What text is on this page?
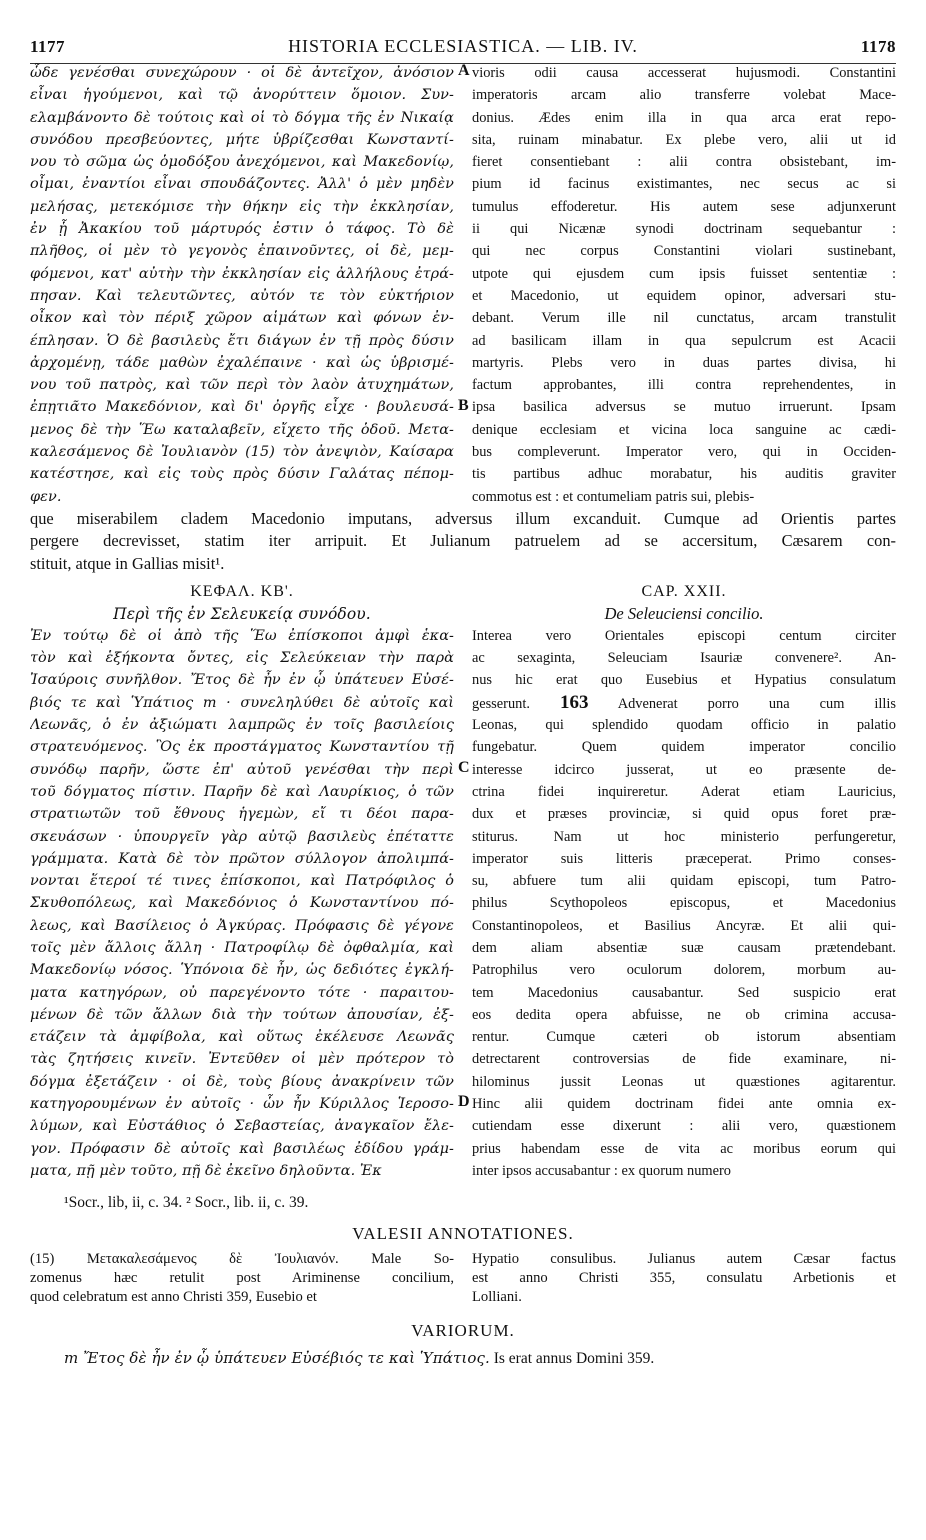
1177	HISTORIA ECCLESIASTICA. — LIB. IV.	1178
ὧδε γενέσθαι συνεχώρουν · οἱ δὲ ἀντεῖχον, ἀνόσιον
εἶναι ἡγούμενοι, καὶ τῷ ἀνορύττειν ὅμοιον. Συν-
ελαμβάνοντο δὲ τούτοις καὶ οἱ τὸ δόγμα τῆς ἐν Νικαίᾳ
συνόδου πρεσβεύοντες, μήτε ὑβρίζεσθαι Κωνσταντί-
νου τὸ σῶμα ὡς ὁμοδόξου ἀνεχόμενοι, καὶ Μακεδονίῳ,
οἶμαι, ἐναντίοι εἶναι σπουδάζοντες. Ἀλλ' ὁ μὲν μηδὲν
μελήσας, μετεκόμισε τὴν θήκην εἰς τὴν ἐκκλησίαν,
ἐν ᾗ Ἀκακίου τοῦ μάρτυρός ἐστιν ὁ τάφος. Τὸ δὲ
πλῆθος, οἱ μὲν τὸ γεγονὸς ἐπαινοῦντες, οἱ δὲ, μεμ-
φόμενοι, κατ' αὐτὴν τὴν ἐκκλησίαν εἰς ἀλλήλους ἐτρά-
πησαν. Καὶ τελευτῶντες, αὐτόν τε τὸν εὐκτήριον
οἶκον καὶ τὸν πέριξ χῶρον αἱμάτων καὶ φόνων ἐν-
έπλησαν. Ὁ δὲ βασιλεὺς ἔτι διάγων ἐν τῇ πρὸς δύσιν
ἀρχομένῃ, τάδε μαθὼν ἐχαλέπαινε · καὶ ὡς ὑβρισμέ-
νου τοῦ πατρὸς, καὶ τῶν περὶ τὸν λαὸν ἀτυχημάτων,
ἐπῃτιᾶτο Μακεδόνιον, καὶ δι' ὀργῆς εἶχε · βουλευσά-
μενος δὲ τὴν Ἕω καταλαβεῖν, εἴχετο τῆς ὁδοῦ. Μετα-
καλεσάμενος δὲ Ἰουλιανὸν (15) τὸν ἀνεψιὸν, Καίσαρα
κατέστησε, καὶ εἰς τοὺς πρὸς δύσιν Γαλάτας πέπομ-
φεν.
vioris odii causa accesserat hujusmodi. Constantini
A
imperatoris arcam alio transferre volebat Mace-
donius. Ædes enim illa in qua arca erat repo-
sita, ruinam minabatur. Ex plebe vero, alii ut id
fieret consentiebant : alii contra obsistebant, im-
pium id facinus existimantes, nec secus ac si
tumulus effoderetur. His autem sese adjunxerunt
ii qui Nicænæ synodi doctrinam sequebantur :
qui nec corpus Constantini violari sustinebant,
utpote qui ejusdem cum ipsis fuisset sententiæ :
et Macedonio, ut equidem opinor, adversari stu-
debant. Verum ille nil cunctatus, arcam transtulit
ad basilicam illam in qua sepulcrum est Acacii
martyris. Plebs vero in duas partes divisa, hi
factum approbantes, illi contra reprehendentes, in
ipsa basilica adversus se mutuo irruerunt. Ipsam
B
denique ecclesiam et vicina loca sanguine ac cædi-
bus compleverunt. Imperator vero, qui in Occiden-
tis partibus adhuc morabatur, his auditis graviter
commotus est : et contumeliam patris sui, plebis-
que miserabilem cladem Macedonio imputans, adversus illum excanduit. Cumque ad Orientis partes
pergere decrevisset, statim iter arripuit. Et Julianum patruelem ad se accersitum, Cæsarem con-
stituit, atque in Gallias misit¹.
ΚΕΦΑΛ. ΚΒ'.
Περὶ τῆς ἐν Σελευκείᾳ συνόδου.
CAP. XXII.
De Seleuciensi concilio.
Ἐν τούτῳ δὲ οἱ ἀπὸ τῆς Ἕω ἐπίσκοποι ἀμφὶ ἑκα-
τὸν καὶ ἑξήκοντα ὄντες, εἰς Σελεύκειαν τὴν παρὰ
Ἰσαύροις συνῆλθον. Ἔτος δὲ ἦν ἐν ᾧ ὑπάτευεν Εὐσέ-
βιός τε καὶ Ὑπάτιος m · συνεληλύθει δὲ αὐτοῖς καὶ
Λεωνᾶς, ὁ ἐν ἀξιώματι λαμπρῶς ἐν τοῖς βασιλείοις
στρατευόμενος. Ὃς ἐκ προστάγματος Κωνσταντίου τῇ
συνόδῳ παρῆν, ὥστε ἐπ' αὐτοῦ γενέσθαι τὴν περὶ
τοῦ δόγματος πίστιν. Παρῆν δὲ καὶ Λαυρίκιος, ὁ τῶν
στρατιωτῶν τοῦ ἔθνους ἡγεμὼν, εἴ τι δέοι παρα-
σκευάσων · ὑπουργεῖν γὰρ αὐτῷ βασιλεὺς ἐπέταττε
γράμματα. Κατὰ δὲ τὸν πρῶτον σύλλογον ἀπολιμπά-
νονται ἕτεροί τέ τινες ἐπίσκοποι, καὶ Πατρόφιλος ὁ
Σκυθοπόλεως, καὶ Μακεδόνιος ὁ Κωνσταντίνου πό-
λεως, καὶ Βασίλειος ὁ Ἀγκύρας. Πρόφασις δὲ γέγονε
τοῖς μὲν ἄλλοις ἄλλη · Πατροφίλῳ δὲ ὀφθαλμία, καὶ
Μακεδονίῳ νόσος. Ὑπόνοια δὲ ἦν, ὡς δεδιότες ἐγκλή-
ματα κατηγόρων, οὐ παρεγένοντο τότε · παραιτου-
μένων δὲ τῶν ἄλλων διὰ τὴν τούτων ἀπουσίαν, ἐξ-
ετάζειν τὰ ἀμφίβολα, καὶ οὕτως ἐκέλευσε Λεωνᾶς
τὰς ζητήσεις κινεῖν. Ἐντεῦθεν οἱ μὲν πρότερον τὸ
δόγμα ἐξετάζειν · οἱ δὲ, τοὺς βίους ἀνακρίνειν τῶν
κατηγορουμένων ἐν αὐτοῖς · ὧν ἦν Κύριλλος Ἱεροσο-
λύμων, καὶ Εὐστάθιος ὁ Σεβαστείας, ἀναγκαῖον ἔλε-
γον. Πρόφασιν δὲ αὐτοῖς καὶ βασιλέως ἐδίδου γράμ-
ματα, πῇ μὲν τοῦτο, πῇ δὲ ἐκεῖνο δηλοῦντα. Ἐκ
Interea vero Orientales episcopi centum circiter
ac sexaginta, Seleuciam Isauriæ convenere². An-
nus hic erat quo Eusebius et Hypatius consulatum
gesserunt. 163 Advenerat porro una cum illis
Leonas, qui splendido quodam officio in palatio
fungebatur. Quem quidem imperator concilio
interesse idcirco jusserat, ut eo præsente de-
C
ctrina fidei inquireretur. Aderat etiam Lauricius,
dux et præses provinciæ, si quid opus foret præ-
stiturus. Nam ut hoc ministerio perfungeretur,
imperator suis litteris præceperat. Primo conses-
su, abfuere tum alii quidam episcopi, tum Patro-
philus Scythopoleos episcopus, et Macedonius
Constantinopoleos, et Basilius Ancyræ. Et alii qui-
dem aliam absentiæ suæ causam prætendebant.
Patrophilus vero oculorum dolorem, morbum au-
tem Macedonius causabantur. Sed suspicio erat
eos dedita opera abfuisse, ne ob crimina accusa-
rentur. Cumque cæteri ob istorum absentiam
detrectarent controversias de fide examinare, ni-
hilominus jussit Leonas ut quæstiones agitarentur.
Hinc alii quidem doctrinam fidei ante omnia ex-
D
cutiendam esse dixerunt : alii vero, quæstionem
prius habendam esse de vita ac moribus eorum qui
inter ipsos accusabantur : ex quorum numero
¹Socr., lib, ii, c. 34. ² Socr., lib. ii, c. 39.
VALESII ANNOTATIONES.
(15) Μετακαλεσάμενος δὲ Ἰουλιανόν. Male So-
zomenus hæc retulit post Ariminense concilium,
quod celebratum est anno Christi 359, Eusebio et
Hypatio consulibus. Julianus autem Cæsar factus
est anno Christi 355, consulatu Arbetionis et
Lolliani.
VARIORUM.
m Ἔτος δὲ ἦν ἐν ᾧ ὑπάτευεν Εὐσέβιός τε καὶ Ὑπάτιος. Is erat annus Domini 359.
